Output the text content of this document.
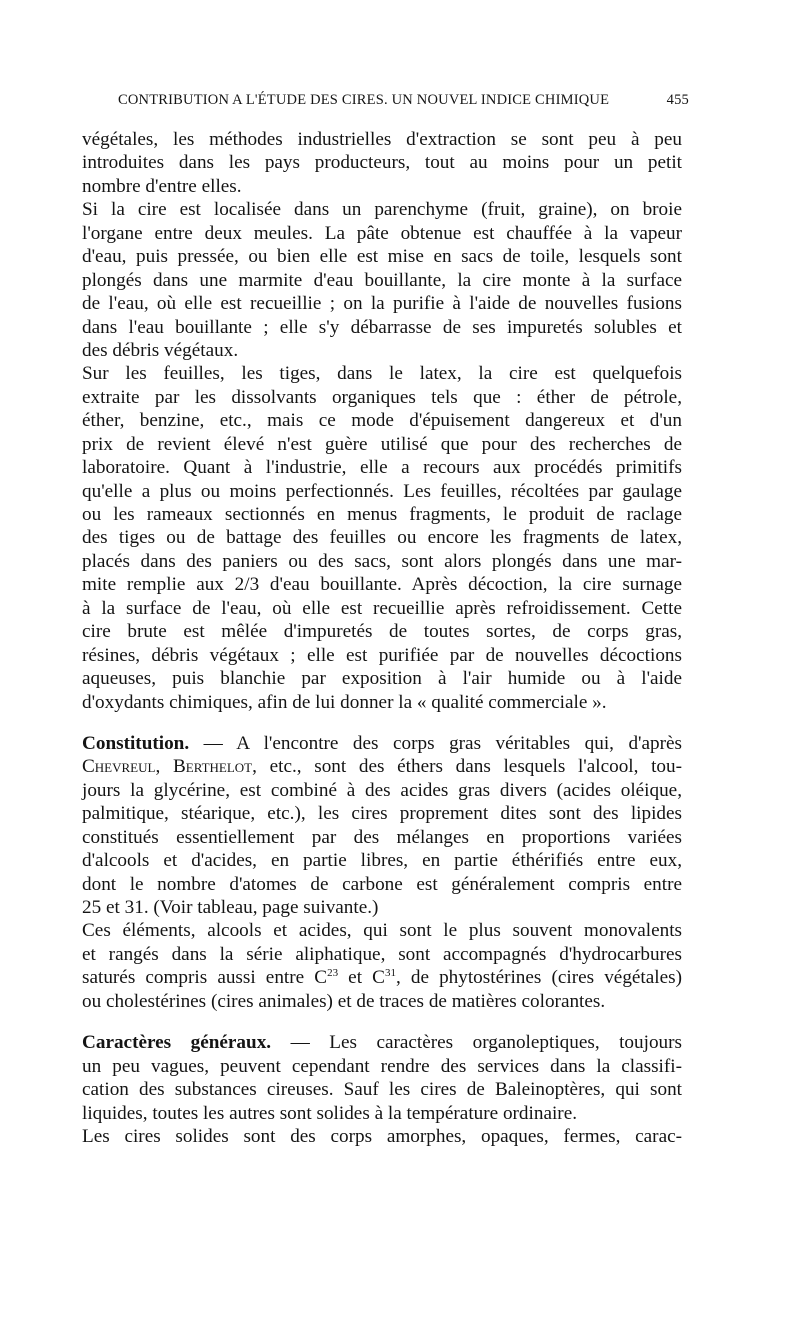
CONTRIBUTION A L'ÉTUDE DES CIRES. UN NOUVEL INDICE CHIMIQUE	455
végétales, les méthodes industrielles d'extraction se sont peu à peu
introduites dans les pays producteurs, tout au moins pour un petit
nombre d'entre elles.
Si la cire est localisée dans un parenchyme (fruit, graine), on broie
l'organe entre deux meules. La pâte obtenue est chauffée à la vapeur
d'eau, puis pressée, ou bien elle est mise en sacs de toile, lesquels sont
plongés dans une marmite d'eau bouillante, la cire monte à la surface
de l'eau, où elle est recueillie ; on la purifie à l'aide de nouvelles fusions
dans l'eau bouillante ; elle s'y débarrasse de ses impuretés solubles et
des débris végétaux.
Sur les feuilles, les tiges, dans le latex, la cire est quelquefois
extraite par les dissolvants organiques tels que : éther de pétrole,
éther, benzine, etc., mais ce mode d'épuisement dangereux et d'un
prix de revient élevé n'est guère utilisé que pour des recherches de
laboratoire. Quant à l'industrie, elle a recours aux procédés primitifs
qu'elle a plus ou moins perfectionnés. Les feuilles, récoltées par gaulage
ou les rameaux sectionnés en menus fragments, le produit de raclage
des tiges ou de battage des feuilles ou encore les fragments de latex,
placés dans des paniers ou des sacs, sont alors plongés dans une mar-
mite remplie aux 2/3 d'eau bouillante. Après décoction, la cire surnage
à la surface de l'eau, où elle est recueillie après refroidissement. Cette
cire brute est mêlée d'impuretés de toutes sortes, de corps gras,
résines, débris végétaux ; elle est purifiée par de nouvelles décoctions
aqueuses, puis blanchie par exposition à l'air humide ou à l'aide
d'oxydants chimiques, afin de lui donner la « qualité commerciale ».
Constitution. — A l'encontre des corps gras véritables qui, d'après
Chevreul, Berthelot, etc., sont des éthers dans lesquels l'alcool, tou-
jours la glycérine, est combiné à des acides gras divers (acides oléique,
palmitique, stéarique, etc.), les cires proprement dites sont des lipides
constitués essentiellement par des mélanges en proportions variées
d'alcools et d'acides, en partie libres, en partie éthérifiés entre eux,
dont le nombre d'atomes de carbone est généralement compris entre
25 et 31. (Voir tableau, page suivante.)
Ces éléments, alcools et acides, qui sont le plus souvent monovalents
et rangés dans la série aliphatique, sont accompagnés d'hydrocarbures
saturés compris aussi entre $C^{23}$ et $C^{31}$, de phytostérines (cires végétales)
ou cholestérines (cires animales) et de traces de matières colorantes.
Caractères généraux. — Les caractères organoleptiques, toujours
un peu vagues, peuvent cependant rendre des services dans la classifi-
cation des substances cireuses. Sauf les cires de Baleinoptères, qui sont
liquides, toutes les autres sont solides à la température ordinaire.
Les cires solides sont des corps amorphes, opaques, fermes, carac-
